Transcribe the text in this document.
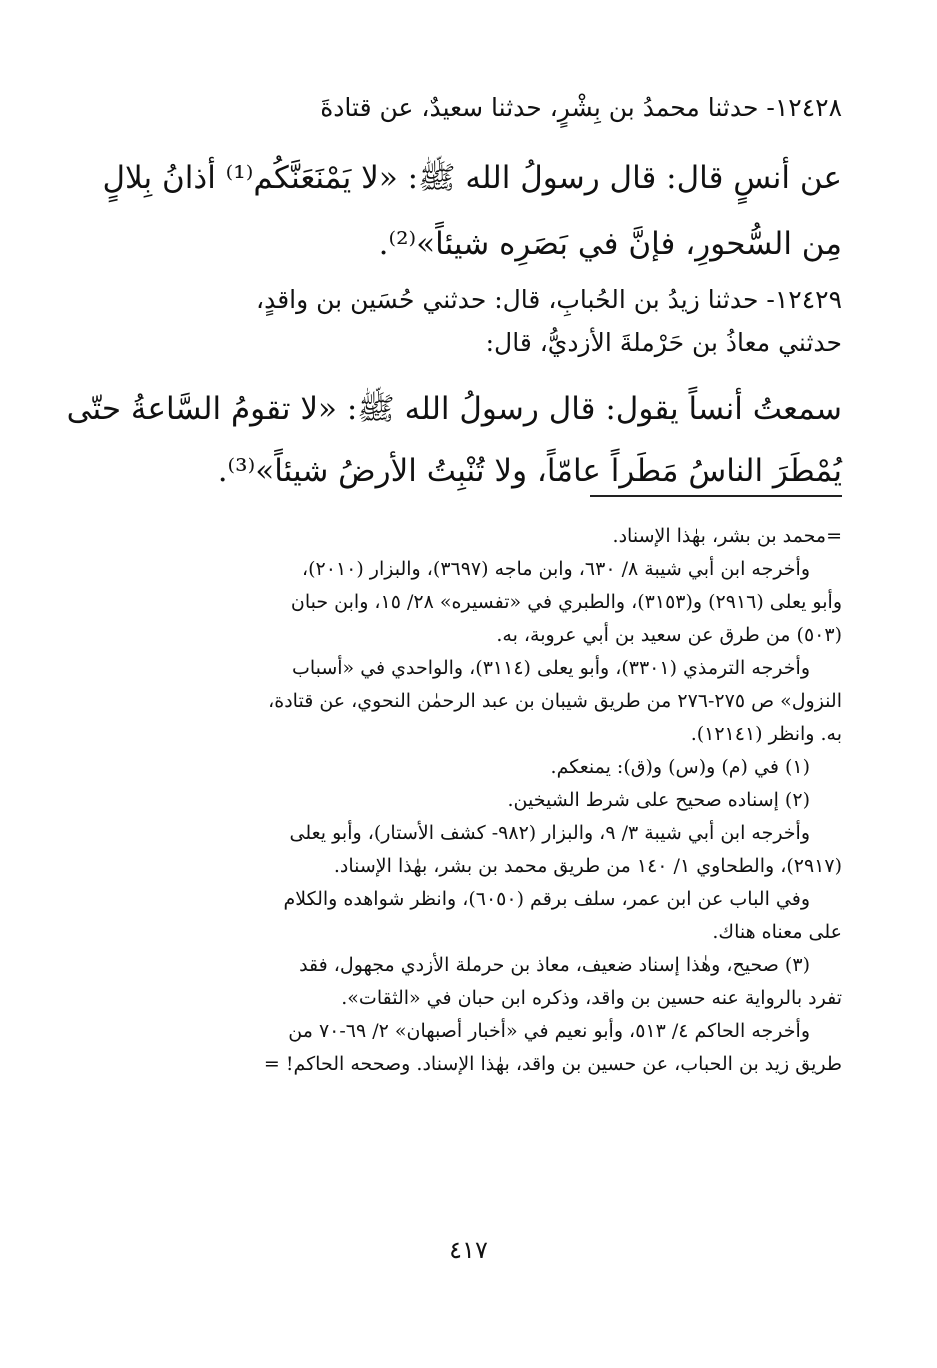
١٢٤٢٨- حدثنا محمدُ بن بِشْرٍ، حدثنا سعيدٌ، عن قتادةَ
عن أنسٍ قال: قال رسولُ الله ﷺ: «لا يَمْنَعَنَّكُم⁽¹⁾ أذانُ بِلالٍ
مِن السُّحورِ، فإنَّ في بَصَرِه شيئاً»⁽²⁾.
١٢٤٢٩- حدثنا زيدُ بن الحُبابِ، قال: حدثني حُسَين بن واقدٍ،
حدثني معاذُ بن حَرْملةَ الأزديُّ، قال:
سمعتُ أنساً يقول: قال رسولُ الله ﷺ: «لا تقومُ السَّاعةُ حتّى
يُمْطَرَ الناسُ مَطَراً عامّاً، ولا تُنْبِتُ الأرضُ شيئاً»⁽³⁾.
=محمد بن بشر، بهٰذا الإسناد.
وأخرجه ابن أبي شيبة ٨/ ٦٣٠، وابن ماجه (٣٦٩٧)، والبزار (٢٠١٠)،
وأبو يعلى (٢٩١٦) و(٣١٥٣)، والطبري في «تفسيره» ٢٨/ ١٥، وابن حبان
(٥٠٣) من طرق عن سعيد بن أبي عروبة، به.
وأخرجه الترمذي (٣٣٠١)، وأبو يعلى (٣١١٤)، والواحدي في «أسباب
النزول» ص ٢٧٥-٢٧٦ من طريق شيبان بن عبد الرحمٰن النحوي، عن قتادة،
به. وانظر (١٢١٤١).
(١) في (م) و(س) و(ق): يمنعكم.
(٢) إسناده صحيح على شرط الشيخين.
وأخرجه ابن أبي شيبة ٣/ ٩، والبزار (٩٨٢- كشف الأستار)، وأبو يعلى
(٢٩١٧)، والطحاوي ١/ ١٤٠ من طريق محمد بن بشر، بهٰذا الإسناد.
وفي الباب عن ابن عمر، سلف برقم (٦٠٥٠)، وانظر شواهده والكلام
على معناه هناك.
(٣) صحيح، وهٰذا إسناد ضعيف، معاذ بن حرملة الأزدي مجهول، فقد
تفرد بالرواية عنه حسين بن واقد، وذكره ابن حبان في «الثقات».
وأخرجه الحاكم ٤/ ٥١٣، وأبو نعيم في «أخبار أصبهان» ٢/ ٦٩-٧٠ من
طريق زيد بن الحباب، عن حسين بن واقد، بهٰذا الإسناد. وصححه الحاكم! =
٤١٧
